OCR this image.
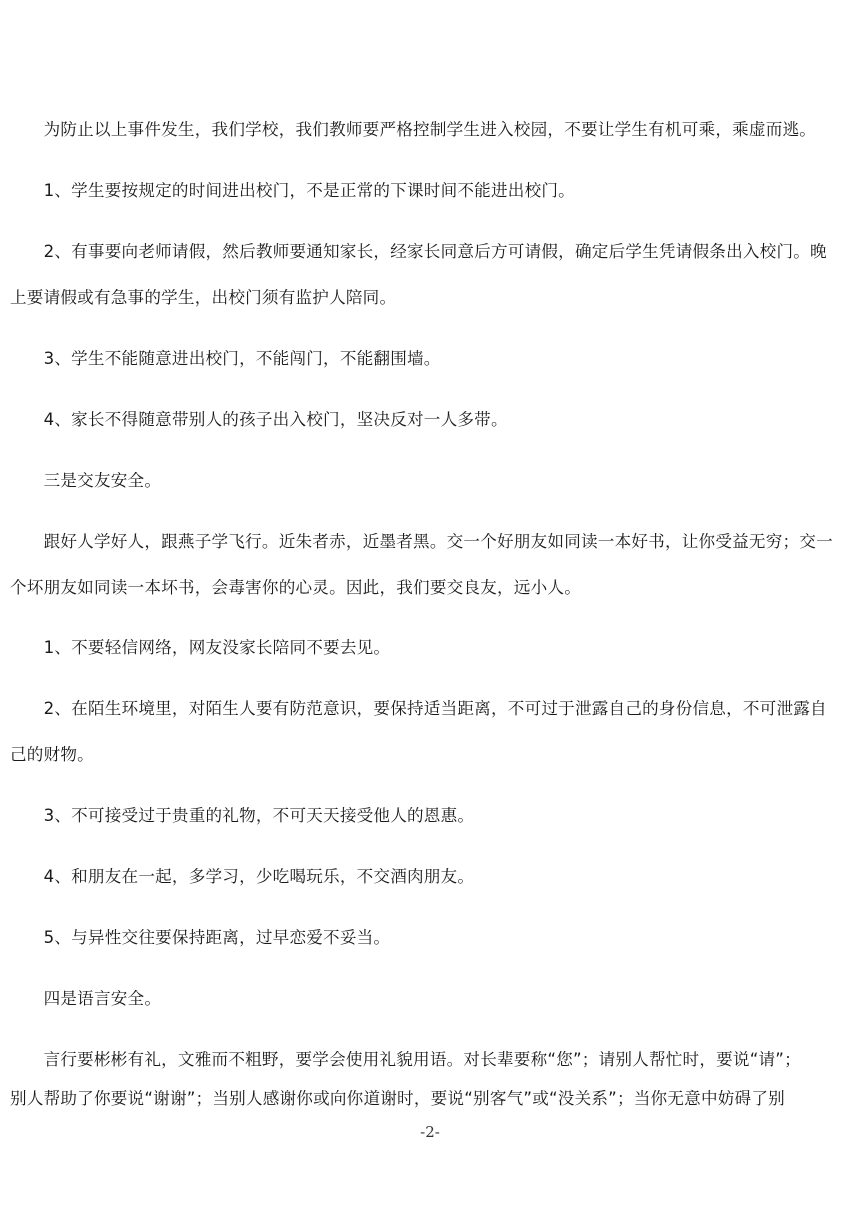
　　为防止以上事件发生，我们学校，我们教师要严格控制学生进入校园，不要让学生有机可乘，乘虚而逃。
　　1、学生要按规定的时间进出校门，不是正常的下课时间不能进出校门。
　　2、有事要向老师请假，然后教师要通知家长，经家长同意后方可请假，确定后学生凭请假条出入校门。晚
上要请假或有急事的学生，出校门须有监护人陪同。
　　3、学生不能随意进出校门，不能闯门，不能翻围墙。
　　4、家长不得随意带别人的孩子出入校门，坚决反对一人多带。
　　三是交友安全。
　　跟好人学好人，跟燕子学飞行。近朱者赤，近墨者黑。交一个好朋友如同读一本好书，让你受益无穷；交一
个坏朋友如同读一本坏书，会毒害你的心灵。因此，我们要交良友，远小人。
　　1、不要轻信网络，网友没家长陪同不要去见。
　　2、在陌生环境里，对陌生人要有防范意识，要保持适当距离，不可过于泄露自己的身份信息，不可泄露自
己的财物。
　　3、不可接受过于贵重的礼物，不可天天接受他人的恩惠。
　　4、和朋友在一起，多学习，少吃喝玩乐，不交酒肉朋友。
　　5、与异性交往要保持距离，过早恋爱不妥当。
　　四是语言安全。
　　言行要彬彬有礼，文雅而不粗野，要学会使用礼貌用语。对长辈要称“您”；请别人帮忙时，要说“请”；
别人帮助了你要说“谢谢”；当别人感谢你或向你道谢时，要说“别客气”或“没关系”；当你无意中妨碍了别
-2-
